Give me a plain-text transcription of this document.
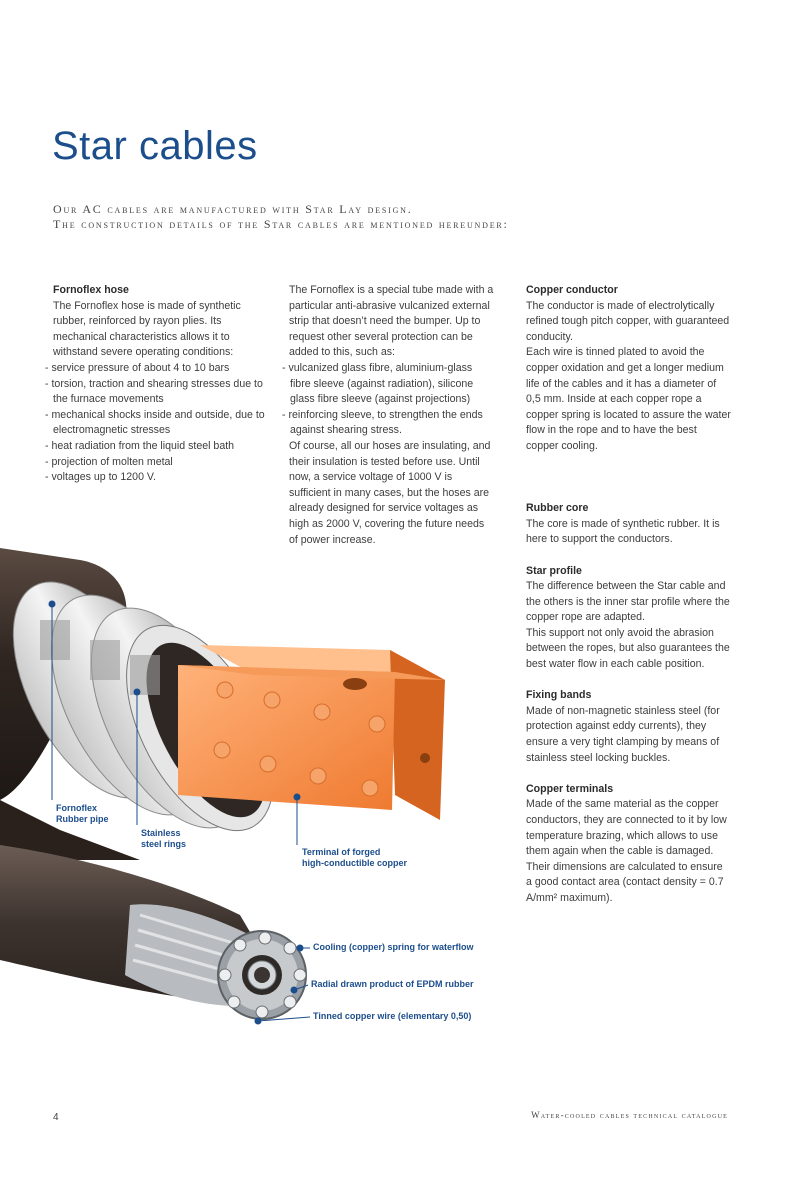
Star cables
Our AC cables are manufactured with Star Lay design.
The construction details of the Star cables are mentioned hereunder:
Fornoflex hose

The Fornoflex hose is made of synthetic rubber, reinforced by rayon plies. Its mechanical characteristics allows it to withstand severe operating conditions:

- service pressure of about 4 to 10 bars
- torsion, traction and shearing stresses due to the furnace movements
- mechanical shocks inside and outside, due to electromagnetic stresses
- heat radiation from the liquid steel bath
- projection of molten metal
- voltages up to 1200 V.

The Fornoflex is a special tube made with a particular anti-abrasive vulcanized external strip that doesn’t need the bumper. Up to request other several protection can be added to this, such as:

- vulcanized glass fibre, aluminium-glass fibre sleeve (against radiation), silicone glass fibre sleeve (against projections)
- reinforcing sleeve, to strengthen the ends against shearing stress.

Of course, all our hoses are insulating, and their insulation is tested before use. Until now, a service voltage of 1000 V is sufficient in many cases, but the hoses are already designed for service voltages as high as 2000 V, covering the future needs of power increase.

Copper conductor

The conductor is made of electrolytically refined tough pitch copper, with guaranteed conducity.

Each wire is tinned plated to avoid the copper oxidation and get a longer medium life of the cables and it has a diameter of 0,5 mm. Inside at each copper rope a copper spring is located to assure the water flow in the rope and to have the best copper cooling.

Rubber core

The core is made of synthetic rubber. It is here to support the conductors.

Star profile

The difference between the Star cable and the others is the inner star profile where the copper rope are adapted.

This support not only avoid the abrasion between the ropes, but also guarantees the best water flow in each cable position.

Fixing bands

Made of non-magnetic stainless steel (for protection against eddy currents), they ensure a very tight clamping by means of stainless steel locking buckles.

Copper terminals

Made of the same material as the copper conductors, they are connected to it by low temperature brazing, which allows to use them again when the cable is damaged. Their dimensions are calculated to ensure a good contact area (contact density = 0.7 A/mm² maximum).

Fornoflex
Rubber pipe
Stainless
steel rings
Terminal of forged
high-conductible copper
Cooling (copper) spring for waterflow
Radial drawn product of EPDM rubber
Tinned copper wire (elementary 0,50)
4	Water-cooled cables technical catalogue
